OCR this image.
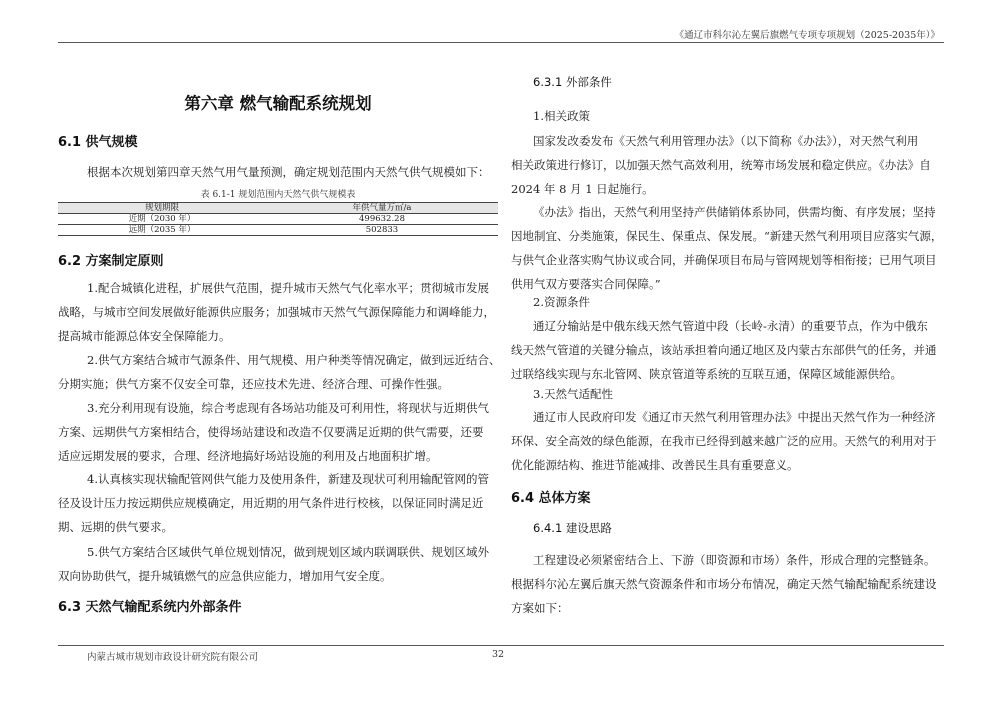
《通辽市科尔沁左翼后旗燃气专项专项规划（2025-2035年）》
第六章 燃气输配系统规划
6.1 供气规模
根据本次规划第四章天然气用气量预测，确定规划范围内天然气供气规模如下：
表 6.1-1 规划范围内天然气供气规模表
规划期限	年供气量万㎡/a
近期（2030 年）	499632.28
远期（2035 年）	502833
6.2 方案制定原则
1.配合城镇化进程，扩展供气范围，提升城市天然气气化率水平；贯彻城市发展
战略，与城市空间发展做好能源供应服务；加强城市天然气气源保障能力和调峰能力，
提高城市能源总体安全保障能力。
2.供气方案结合城市气源条件、用气规模、用户种类等情况确定，做到远近结合、
分期实施；供气方案不仅安全可靠，还应技术先进、经济合理、可操作性强。
3.充分利用现有设施，综合考虑现有各场站功能及可利用性，将现状与近期供气
方案、远期供气方案相结合，使得场站建设和改造不仅要满足近期的供气需要，还要
适应远期发展的要求，合理、经济地搞好场站设施的利用及占地面积扩增。
4.认真核实现状输配管网供气能力及使用条件，新建及现状可利用输配管网的管
径及设计压力按远期供应规模确定，用近期的用气条件进行校核，以保证同时满足近
期、远期的供气要求。
5.供气方案结合区域供气单位规划情况，做到规划区域内联调联供、规划区域外
双向协助供气，提升城镇燃气的应急供应能力，增加用气安全度。
6.3 天然气输配系统内外部条件
6.3.1 外部条件
1.相关政策
国家发改委发布《天然气利用管理办法》（以下简称《办法》），对天然气利用
相关政策进行修订，以加强天然气高效利用，统筹市场发展和稳定供应。《办法》自
2024 年 8 月 1 日起施行。
《办法》指出，天然气利用坚持产供储销体系协同，供需均衡、有序发展；坚持
因地制宜、分类施策，保民生、保重点、保发展。“新建天然气利用项目应落实气源，
与供气企业落实购气协议或合同，并确保项目布局与管网规划等相衔接；已用气项目
供用气双方要落实合同保障。”
2.资源条件
通辽分输站是中俄东线天然气管道中段（长岭-永清）的重要节点，作为中俄东
线天然气管道的关键分输点，该站承担着向通辽地区及内蒙古东部供气的任务，并通
过联络线实现与东北管网、陕京管道等系统的互联互通，保障区域能源供给。
3.天然气适配性
通辽市人民政府印发《通辽市天然气利用管理办法》中提出天然气作为一种经济
环保、安全高效的绿色能源，在我市已经得到越来越广泛的应用。天然气的利用对于
优化能源结构、推进节能减排、改善民生具有重要意义。
6.4 总体方案
6.4.1 建设思路
工程建设必须紧密结合上、下游（即资源和市场）条件，形成合理的完整链条。
根据科尔沁左翼后旗天然气资源条件和市场分布情况，确定天然气输配输配系统建设
方案如下：
内蒙古城市规划市政设计研究院有限公司	32
